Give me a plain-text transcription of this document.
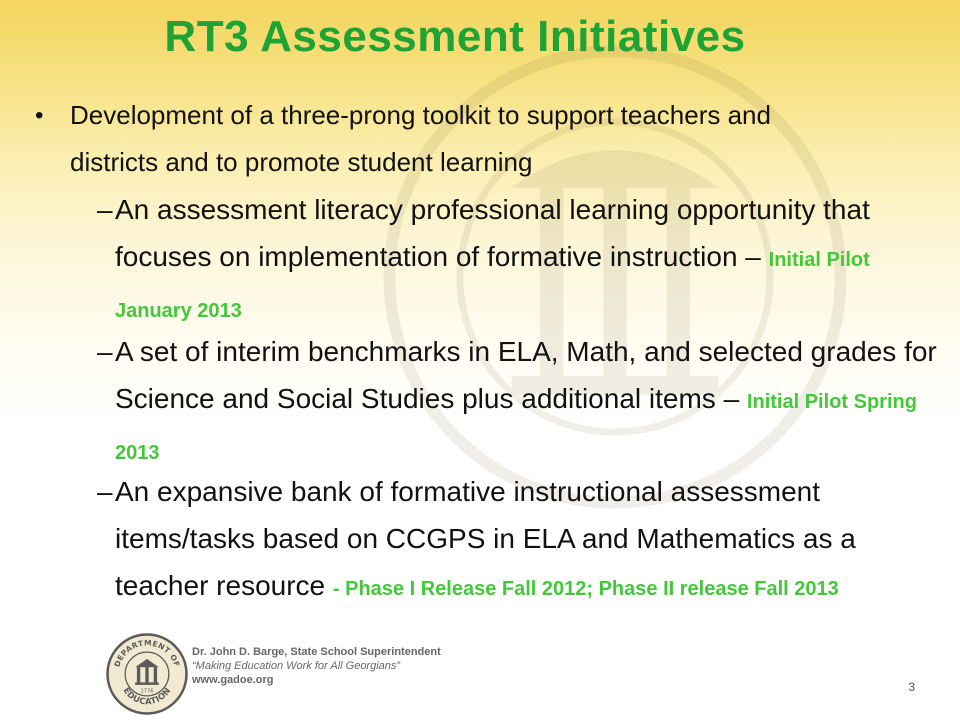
RT3 Assessment Initiatives
•	Development of a three-prong toolkit to support teachers and districts and to promote student learning
– An assessment literacy professional learning opportunity that focuses on implementation of formative instruction – Initial Pilot January 2013
– A set of interim benchmarks in ELA, Math, and selected grades for Science and Social Studies plus additional items – Initial Pilot Spring 2013
– An expansive bank of formative instructional assessment items/tasks based on CCGPS in ELA and Mathematics as a teacher resource - Phase I Release Fall 2012; Phase II release Fall 2013
DEPARTMENT OF
EDUCATION
1776
Dr. John D. Barge, State School Superintendent
“Making Education Work for All Georgians”
www.gadoe.org	3
